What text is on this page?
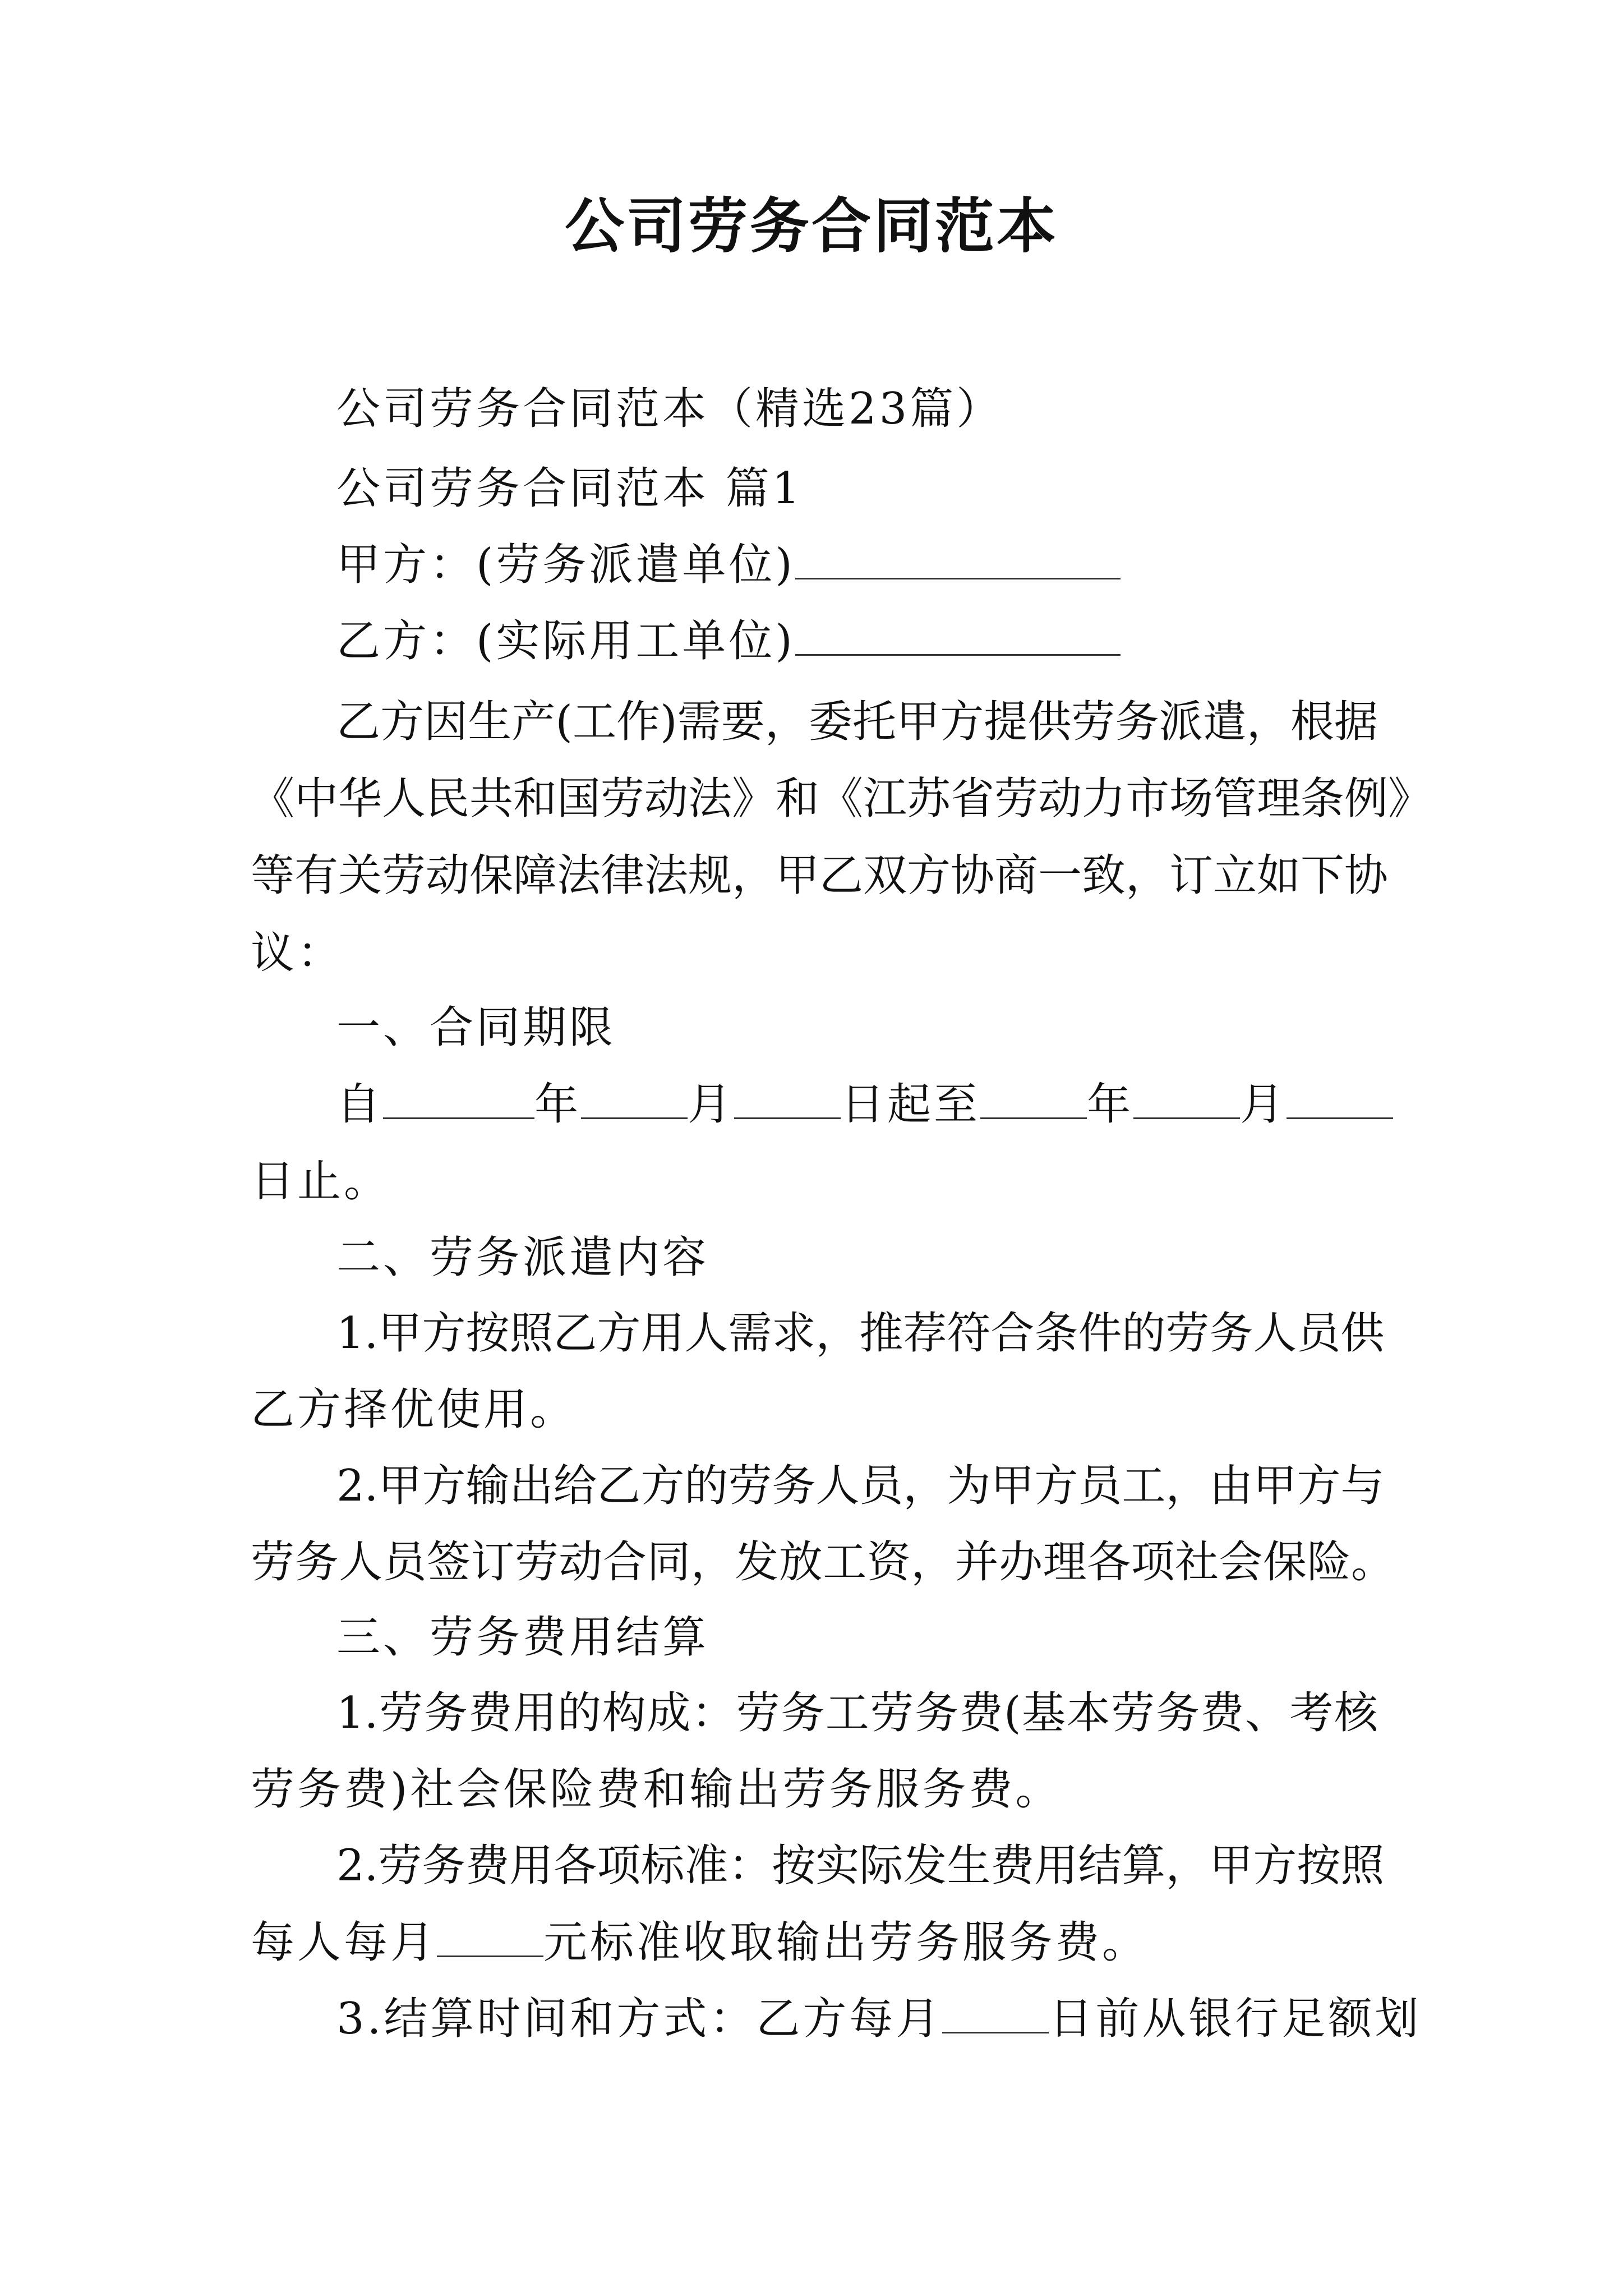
公司劳务合同范本
公司劳务合同范本（精选23篇）
公司劳务合同范本 篇1
甲方：(劳务派遣单位)
乙方：(实际用工单位)
乙方因生产(工作)需要，委托甲方提供劳务派遣，根据
《中华人民共和国劳动法》和《江苏省劳动力市场管理条例》
等有关劳动保障法律法规，甲乙双方协商一致，订立如下协
议：
一、合同期限
自	年 月 日起至 年 月
日止。
二、劳务派遣内容
1.甲方按照乙方用人需求，推荐符合条件的劳务人员供
乙方择优使用。
2.甲方输出给乙方的劳务人员，为甲方员工，由甲方与
劳务人员签订劳动合同，发放工资，并办理各项社会保险。
三、劳务费用结算
1.劳务费用的构成：劳务工劳务费(基本劳务费、考核
劳务费)社会保险费和输出劳务服务费。
2.劳务费用各项标准：按实际发生费用结算，甲方按照
每人每月 元标准收取输出劳务服务费。
3.结算时间和方式：乙方每月 日前从银行足额划
